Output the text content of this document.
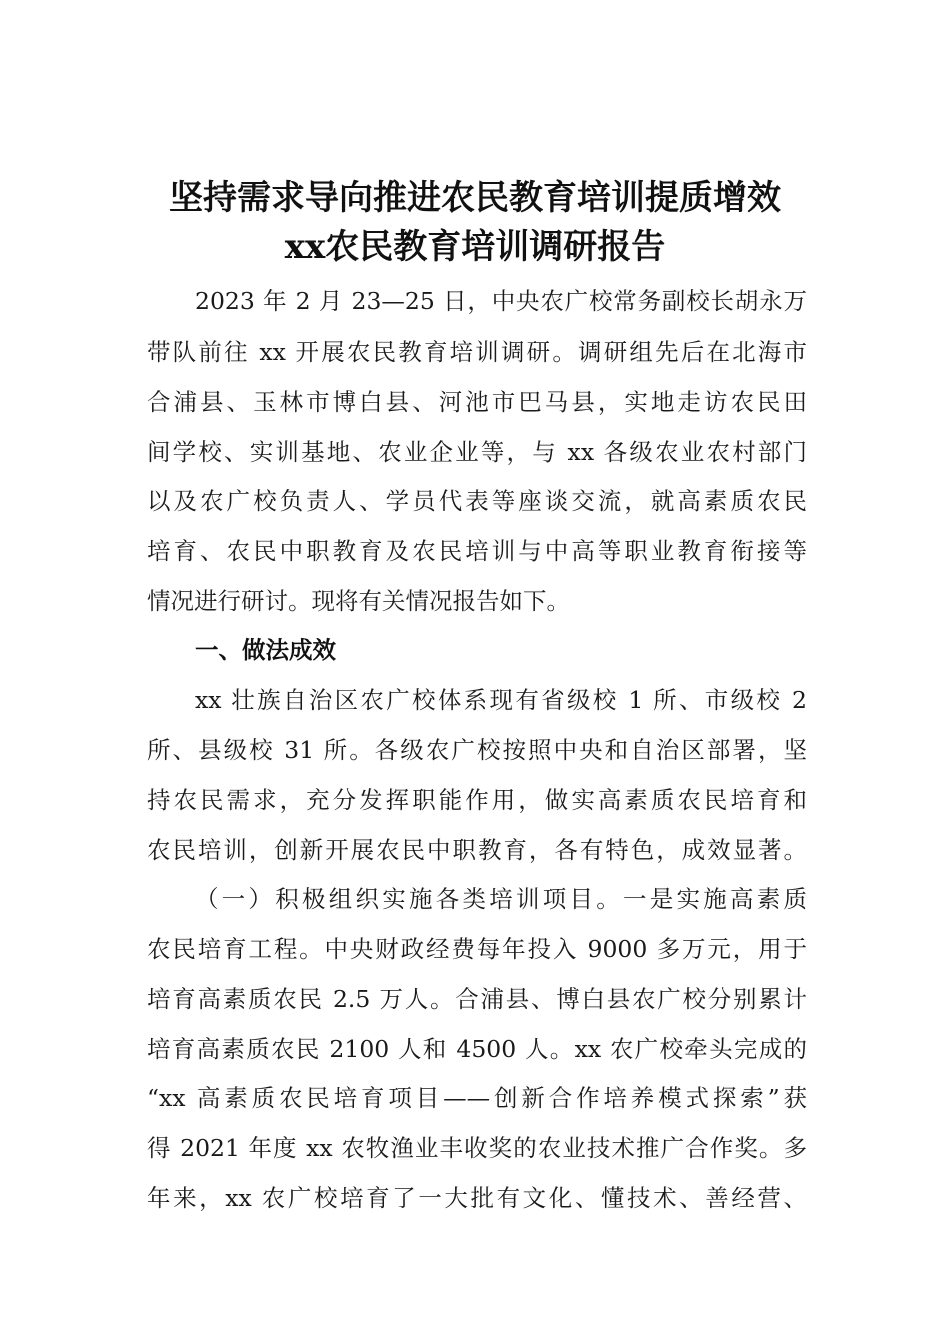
坚持需求导向推进农民教育培训提质增效
xx农民教育培训调研报告
2023 年 2 月 23—25 日，中央农广校常务副校长胡永万
带队前往 xx 开展农民教育培训调研。调研组先后在北海市
合浦县、玉林市博白县、河池市巴马县，实地走访农民田
间学校、实训基地、农业企业等，与 xx 各级农业农村部门
以及农广校负责人、学员代表等座谈交流，就高素质农民
培育、农民中职教育及农民培训与中高等职业教育衔接等
情况进行研讨。现将有关情况报告如下。
一、做法成效
xx 壮族自治区农广校体系现有省级校 1 所、市级校 2
所、县级校 31 所。各级农广校按照中央和自治区部署，坚
持农民需求，充分发挥职能作用，做实高素质农民培育和
农民培训，创新开展农民中职教育，各有特色，成效显著。
（一）积极组织实施各类培训项目。一是实施高素质
农民培育工程。中央财政经费每年投入 9000 多万元，用于
培育高素质农民 2.5 万人。合浦县、博白县农广校分别累计
培育高素质农民 2100 人和 4500 人。xx 农广校牵头完成的
“xx 高素质农民培育项目——创新合作培养模式探索”获
得 2021 年度 xx 农牧渔业丰收奖的农业技术推广合作奖。多
年来，xx 农广校培育了一大批有文化、懂技术、善经营、
